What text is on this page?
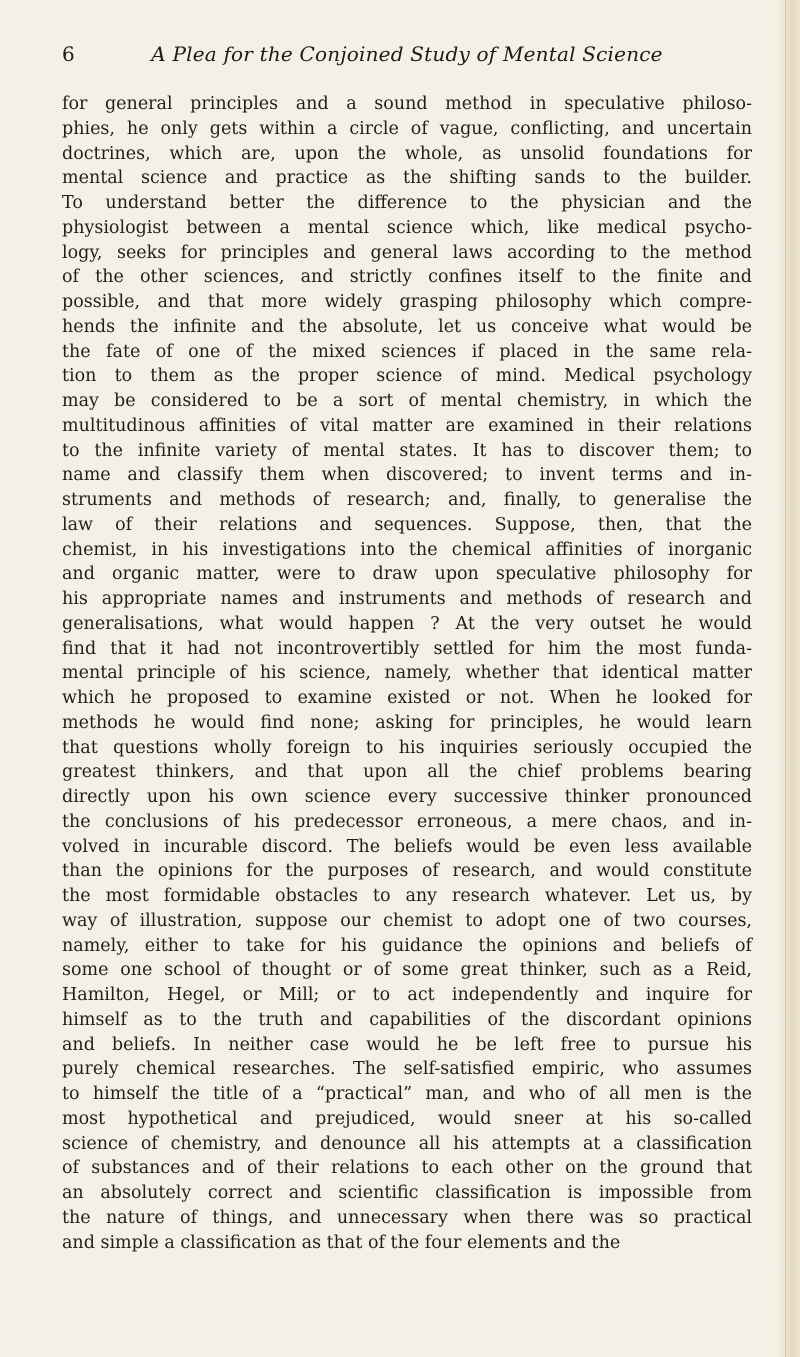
6	A Plea for the Conjoined Study of Mental Science
for general principles and a sound method in speculative philoso-
phies, he only gets within a circle of vague, conflicting, and uncertain
doctrines, which are, upon the whole, as unsolid foundations for
mental science and practice as the shifting sands to the builder.
To understand better the difference to the physician and the
physiologist between a mental science which, like medical psycho-
logy, seeks for principles and general laws according to the method
of the other sciences, and strictly confines itself to the finite and
possible, and that more widely grasping philosophy which compre-
hends the infinite and the absolute, let us conceive what would be
the fate of one of the mixed sciences if placed in the same rela-
tion to them as the proper science of mind. Medical psychology
may be considered to be a sort of mental chemistry, in which the
multitudinous affinities of vital matter are examined in their relations
to the infinite variety of mental states. It has to discover them; to
name and classify them when discovered; to invent terms and in-
struments and methods of research; and, finally, to generalise the
law of their relations and sequences. Suppose, then, that the
chemist, in his investigations into the chemical affinities of inorganic
and organic matter, were to draw upon speculative philosophy for
his appropriate names and instruments and methods of research and
generalisations, what would happen ? At the very outset he would
find that it had not incontrovertibly settled for him the most funda-
mental principle of his science, namely, whether that identical matter
which he proposed to examine existed or not. When he looked for
methods he would find none; asking for principles, he would learn
that questions wholly foreign to his inquiries seriously occupied the
greatest thinkers, and that upon all the chief problems bearing
directly upon his own science every successive thinker pronounced
the conclusions of his predecessor erroneous, a mere chaos, and in-
volved in incurable discord. The beliefs would be even less available
than the opinions for the purposes of research, and would constitute
the most formidable obstacles to any research whatever. Let us, by
way of illustration, suppose our chemist to adopt one of two courses,
namely, either to take for his guidance the opinions and beliefs of
some one school of thought or of some great thinker, such as a Reid,
Hamilton, Hegel, or Mill; or to act independently and inquire for
himself as to the truth and capabilities of the discordant opinions
and beliefs. In neither case would he be left free to pursue his
purely chemical researches. The self-satisfied empiric, who assumes
to himself the title of a “practical” man, and who of all men is the
most hypothetical and prejudiced, would sneer at his so-called
science of chemistry, and denounce all his attempts at a classification
of substances and of their relations to each other on the ground that
an absolutely correct and scientific classification is impossible from
the nature of things, and unnecessary when there was so practical
and simple a classification as that of the four elements and the
